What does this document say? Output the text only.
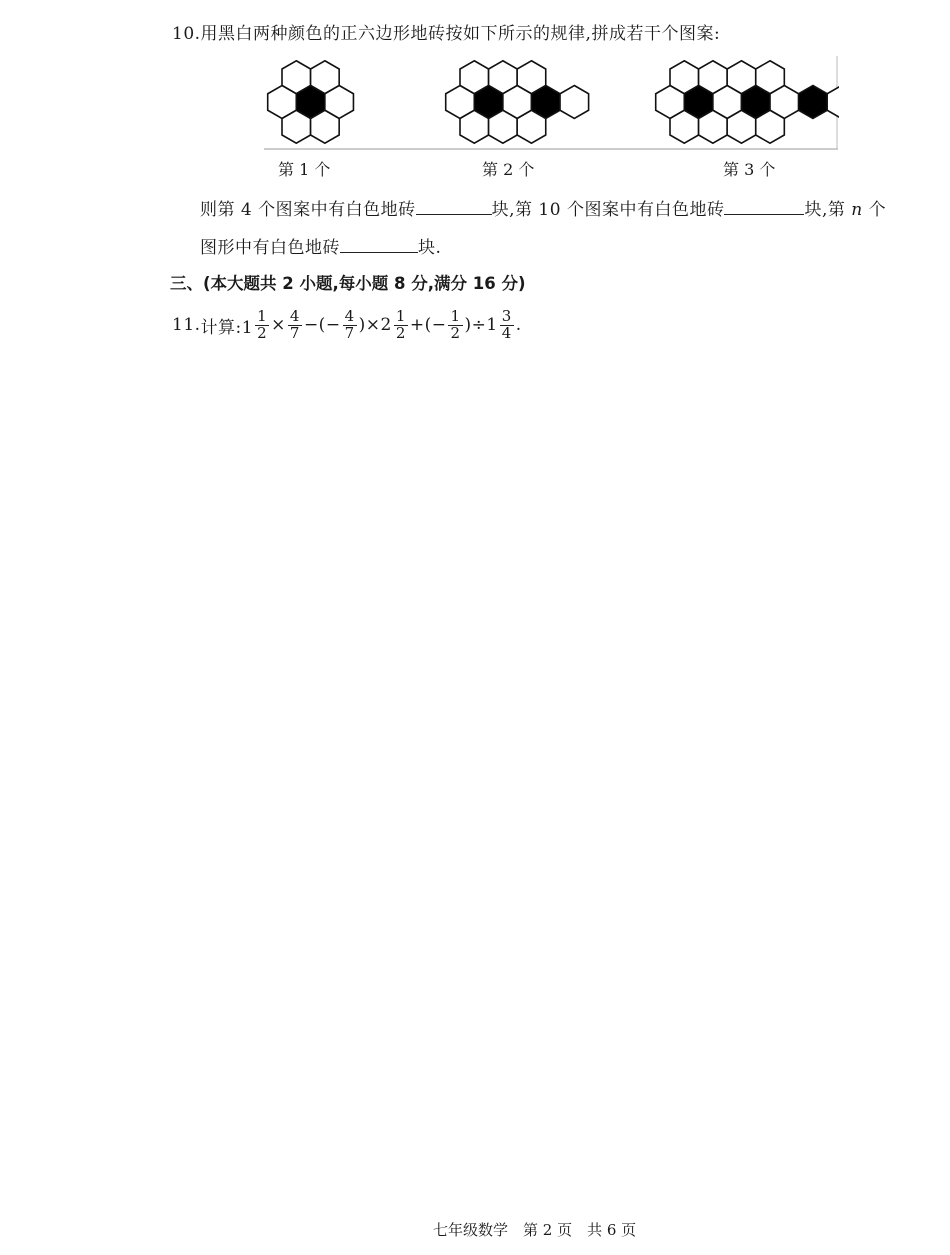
10.用黑白两种颜色的正六边形地砖按如下所示的规律,拼成若干个图案:
第 1 个	第 2 个	第 3 个
则第 4 个图案中有白色地砖	块,第 10 个图案中有白色地砖	块,第 n 个
图形中有白色地砖	块.
三、(本大题共 2 小题,每小题 8 分,满分 16 分)
11. 计算:1 $\frac{1}{2} \times \frac{4}{7}$ −(− $\frac{4}{7} )\times 2 \frac{1}{2}$ +(− $\frac{1}{2} )\div 1 \frac{3}{4}$ .
七年级数学　第 2 页　共 6 页
